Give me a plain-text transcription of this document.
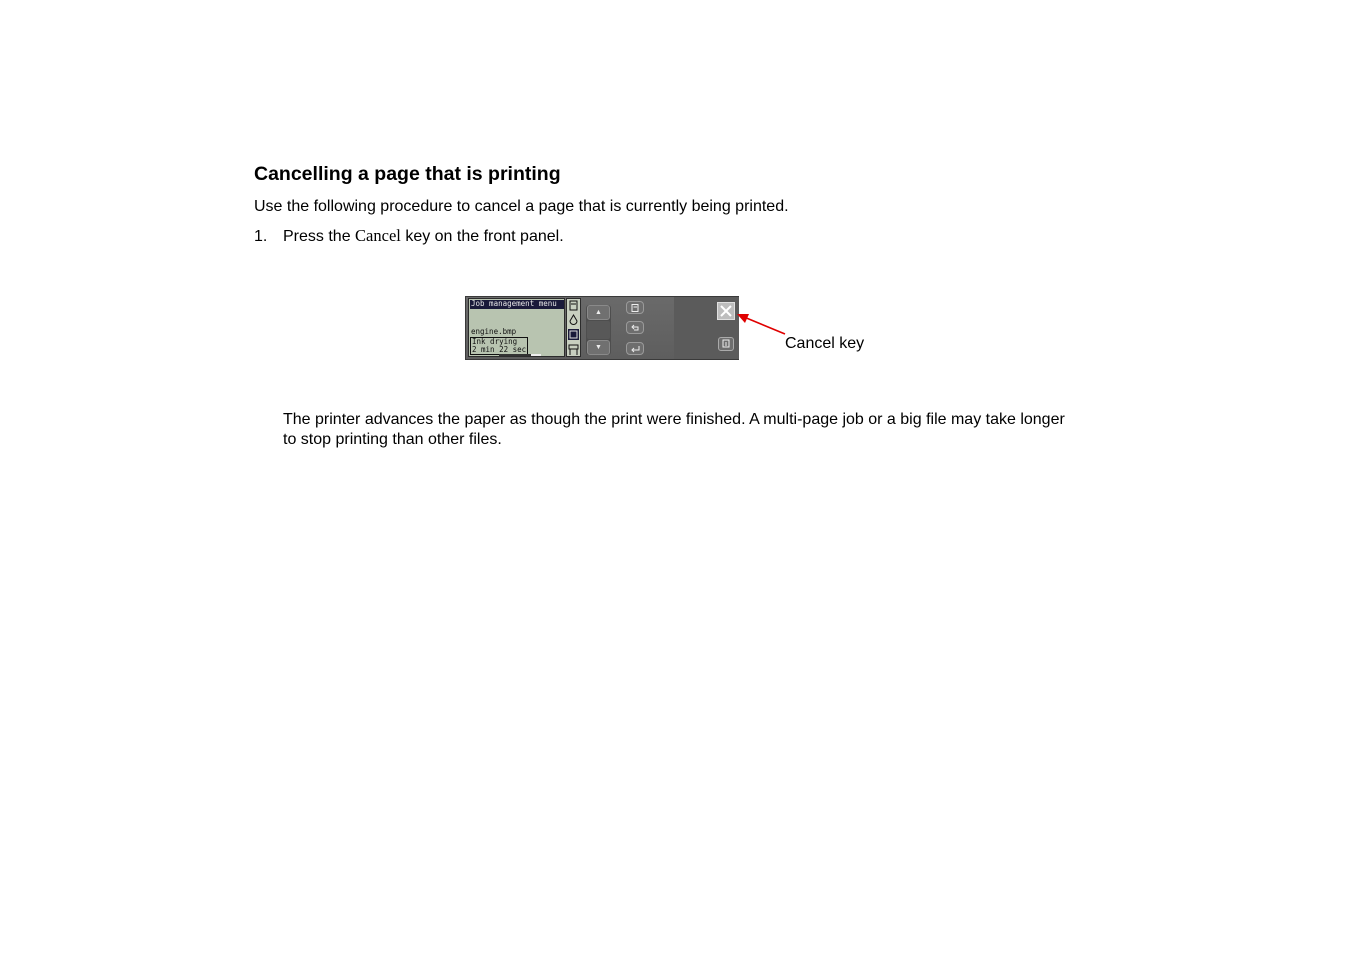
Cancelling a page that is printing

Use the following procedure to cancel a page that is currently being printed.

1. Press the Cancel key on the front panel.

Job management menu
engine.bmp
Ink drying
2 min 22 sec
▲
▼	Cancel key

The printer advances the paper as though the print were finished. A multi-page job or a big file may take longer to stop printing than other files.
